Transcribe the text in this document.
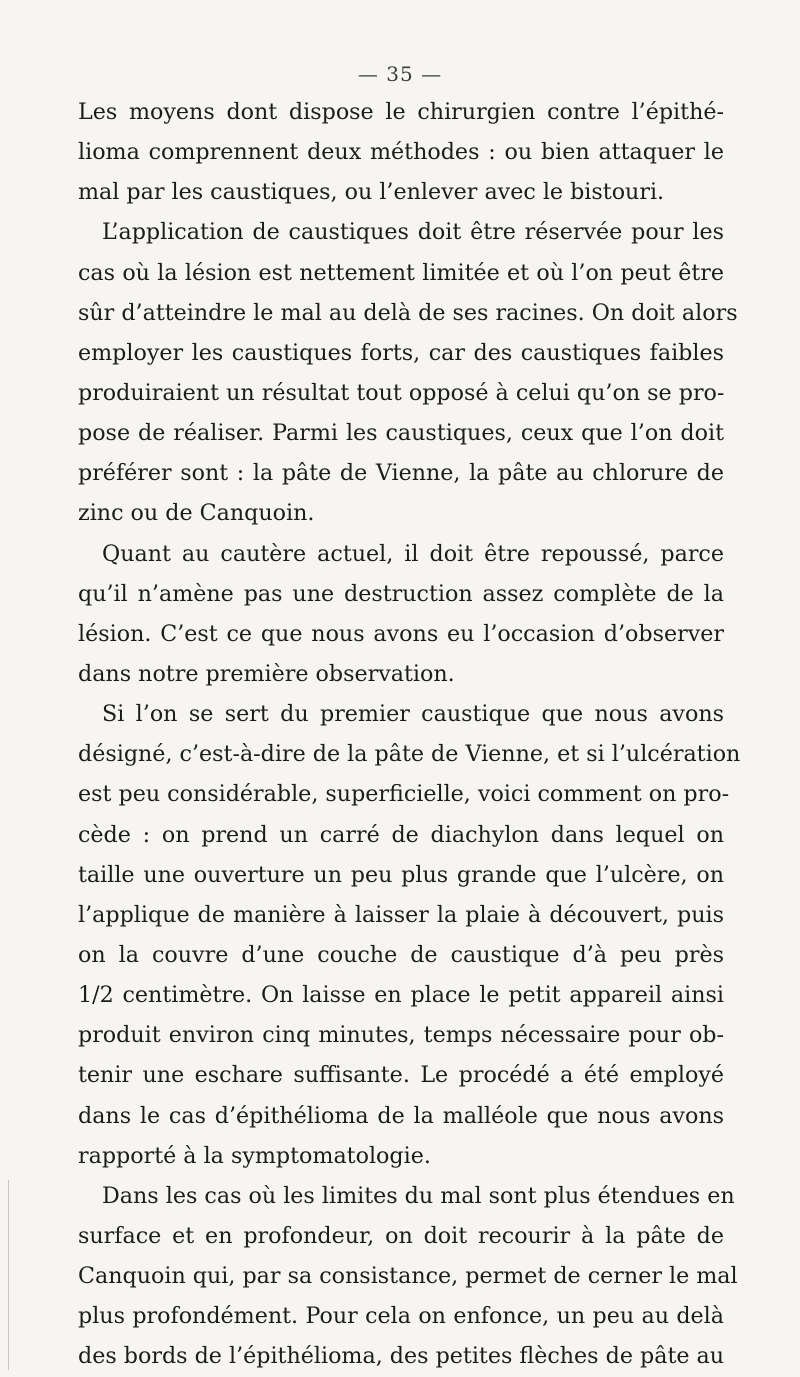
— 35 —
Les moyens dont dispose le chirurgien contre l’épithé-
lioma comprennent deux méthodes : ou bien attaquer le
mal par les caustiques, ou l’enlever avec le bistouri.
L’application de caustiques doit être réservée pour les
cas où la lésion est nettement limitée et où l’on peut être
sûr d’atteindre le mal au delà de ses racines. On doit alors
employer les caustiques forts, car des caustiques faibles
produiraient un résultat tout opposé à celui qu’on se pro-
pose de réaliser. Parmi les caustiques, ceux que l’on doit
préférer sont : la pâte de Vienne, la pâte au chlorure de
zinc ou de Canquoin.
Quant au cautère actuel, il doit être repoussé, parce
qu’il n’amène pas une destruction assez complète de la
lésion. C’est ce que nous avons eu l’occasion d’observer
dans notre première observation.
Si l’on se sert du premier caustique que nous avons
désigné, c’est-à-dire de la pâte de Vienne, et si l’ulcération
est peu considérable, superficielle, voici comment on pro-
cède : on prend un carré de diachylon dans lequel on
taille une ouverture un peu plus grande que l’ulcère, on
l’applique de manière à laisser la plaie à découvert, puis
on la couvre d’une couche de caustique d’à peu près
1/2 centimètre. On laisse en place le petit appareil ainsi
produit environ cinq minutes, temps nécessaire pour ob-
tenir une eschare suffisante. Le procédé a été employé
dans le cas d’épithélioma de la malléole que nous avons
rapporté à la symptomatologie.
Dans les cas où les limites du mal sont plus étendues en
surface et en profondeur, on doit recourir à la pâte de
Canquoin qui, par sa consistance, permet de cerner le mal
plus profondément. Pour cela on enfonce, un peu au delà
des bords de l’épithélioma, des petites flèches de pâte au
